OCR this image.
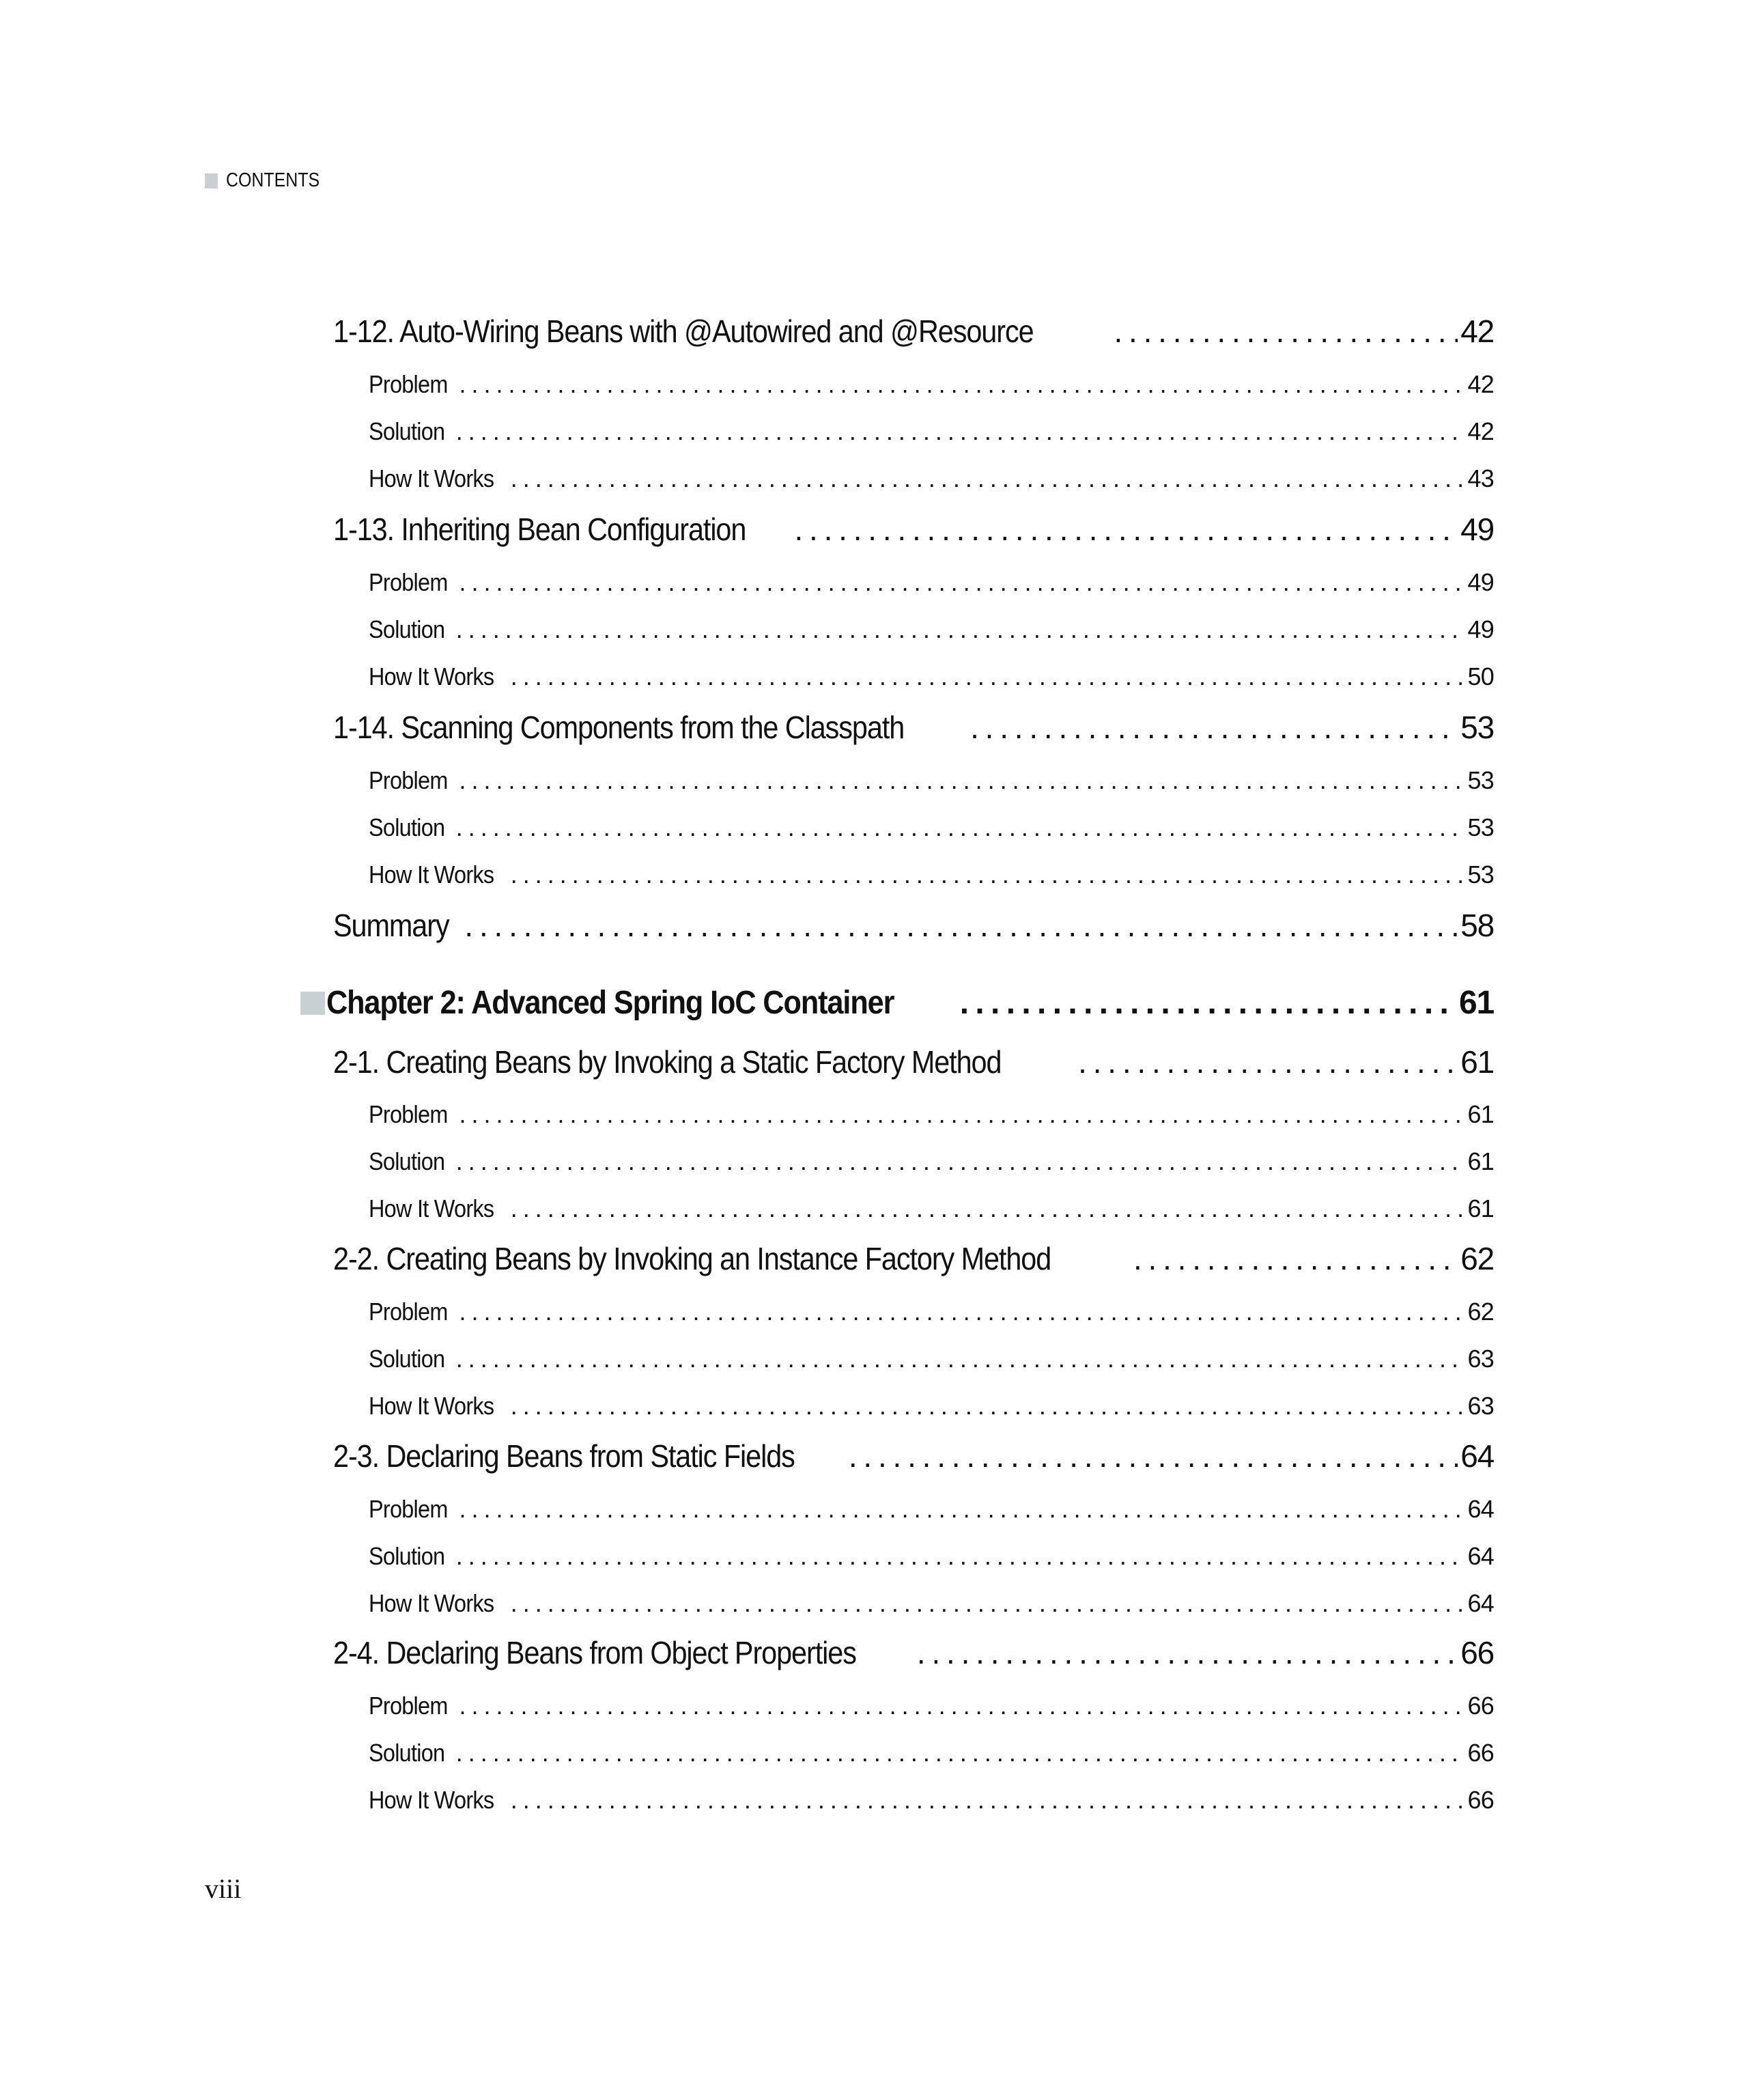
CONTENTS
1-12. Auto-Wiring Beans with @Autowired and @Resource . . .	42
Problem . . .	42
Solution . . .	42
How It Works . . .	43
1-13. Inheriting Bean Configuration . . .	49
Problem . . .	49
Solution . . .	49
How It Works . . .	50
1-14. Scanning Components from the Classpath . . .	53
Problem . . .	53
Solution . . .	53
How It Works . . .	53
Summary . . .	58
Chapter 2: Advanced Spring IoC Container . . .	61
2-1. Creating Beans by Invoking a Static Factory Method . . .	61
Problem . . .	61
Solution . . .	61
How It Works . . .	61
2-2. Creating Beans by Invoking an Instance Factory Method . . .	62
Problem . . .	62
Solution . . .	63
How It Works . . .	63
2-3. Declaring Beans from Static Fields . . .	64
Problem . . .	64
Solution . . .	64
How It Works . . .	64
2-4. Declaring Beans from Object Properties . . .	66
Problem . . .	66
Solution . . .	66
How It Works . . .	66
viii
